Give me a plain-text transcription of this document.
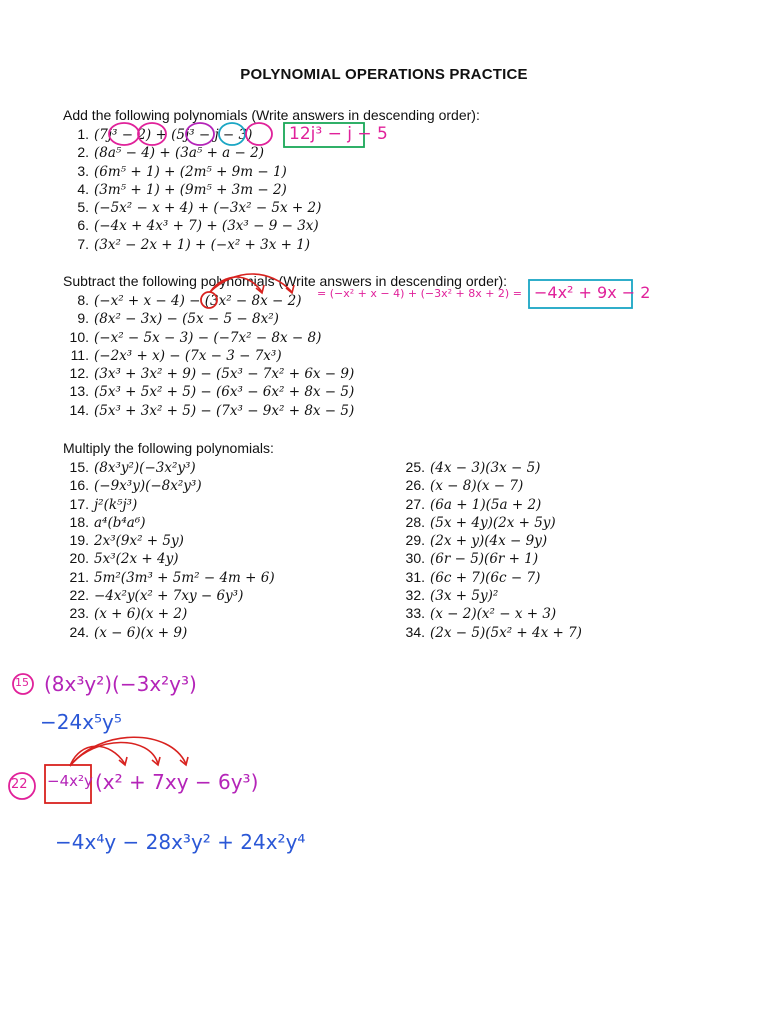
POLYNOMIAL OPERATIONS PRACTICE
Add the following polynomials (Write answers in descending order):
1. (7j³ − 2) + (5j³ − j − 3)
2. (8a⁵ − 4) + (3a⁵ + a − 2)
3. (6m⁵ + 1) + (2m⁵ + 9m − 1)
4. (3m⁵ + 1) + (9m⁵ + 3m − 2)
5. (−5x² − x + 4) + (−3x² − 5x + 2)
6. (−4x + 4x³ + 7) + (3x³ − 9 − 3x)
7. (3x² − 2x + 1) + (−x² + 3x + 1)
Subtract the following polynomials (Write answers in descending order):
8. (−x² + x − 4) − (3x² − 8x − 2)
9. (8x² − 3x) − (5x − 5 − 8x²)
10. (−x² − 5x − 3) − (−7x² − 8x − 8)
11. (−2x³ + x) − (7x − 3 − 7x³)
12. (3x³ + 3x² + 9) − (5x³ − 7x² + 6x − 9)
13. (5x³ + 5x² + 5) − (6x³ − 6x² + 8x − 5)
14. (5x³ + 3x² + 5) − (7x³ − 9x² + 8x − 5)
Multiply the following polynomials:
15. (8x³y²)(−3x²y³)
16. (−9x³y)(−8x²y³)
17. j²(k⁵j³)
18. a⁴(b⁴a⁶)
19. 2x³(9x² + 5y)
20. 5x³(2x + 4y)
21. 5m²(3m³ + 5m² − 4m + 6)
22. −4x²y(x² + 7xy − 6y³)
23. (x + 6)(x + 2)
24. (x − 6)(x + 9)
25. (4x − 3)(3x − 5)
26. (x − 8)(x − 7)
27. (6a + 1)(5a + 2)
28. (5x + 4y)(2x + 5y)
29. (2x + y)(4x − 9y)
30. (6r − 5)(6r + 1)
31. (6c + 7)(6c − 7)
32. (3x + 5y)²
33. (x − 2)(x² − x + 3)
34. (2x − 5)(5x² + 4x + 7)
12j³ − j − 5
= (−x² + x − 4) + (−3x² + 8x + 2) = −4x² + 9x − 2
15 (8x³y²)(−3x²y³)
−24x⁵y⁵
22 −4x²y (x² + 7xy − 6y³)
−4x⁴y − 28x³y² + 24x²y⁴
